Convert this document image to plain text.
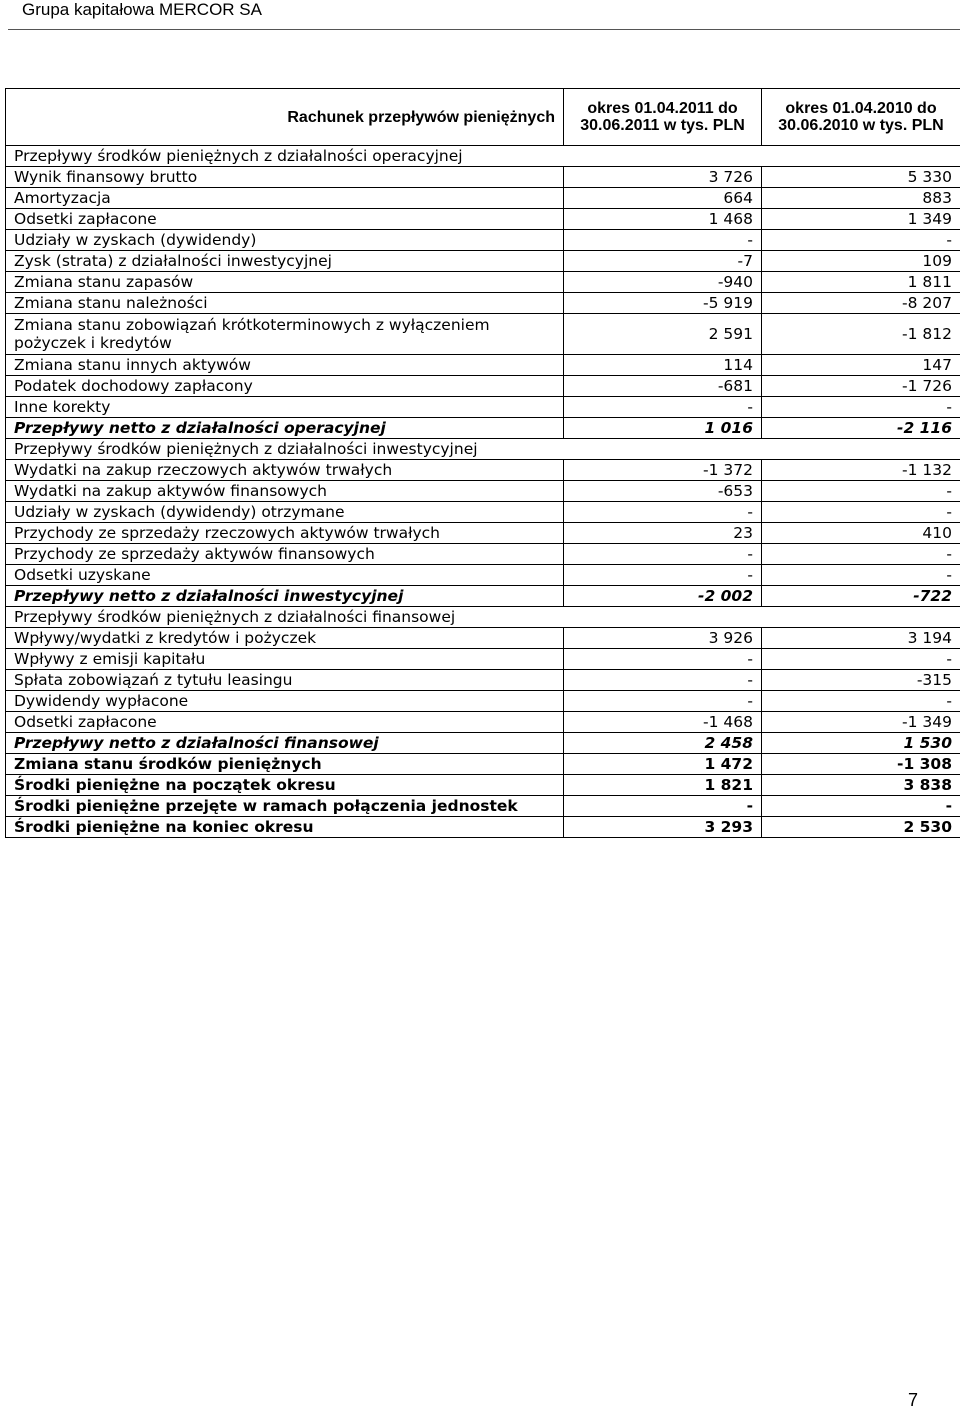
Grupa kapitałowa MERCOR SA
Rachunek przepływów pieniężnych	okres 01.04.2011 do 30.06.2011 w tys. PLN	okres 01.04.2010 do 30.06.2010 w tys. PLN
Przepływy środków pieniężnych z działalności operacyjnej		
Wynik finansowy brutto	3 726	5 330
Amortyzacja	664	883
Odsetki zapłacone	1 468	1 349
Udziały w zyskach (dywidendy)	-	-
Zysk (strata) z działalności inwestycyjnej	-7	109
Zmiana stanu zapasów	-940	1 811
Zmiana stanu należności	-5 919	-8 207
Zmiana stanu zobowiązań krótkoterminowych z wyłączeniem pożyczek i kredytów	2 591	-1 812
Zmiana stanu innych aktywów	114	147
Podatek dochodowy zapłacony	-681	-1 726
Inne korekty	-	-
Przepływy netto z działalności operacyjnej	1 016	-2 116
Przepływy środków pieniężnych z działalności inwestycyjnej		
Wydatki na zakup rzeczowych aktywów trwałych	-1 372	-1 132
Wydatki na zakup aktywów finansowych	-653	-
Udziały w zyskach (dywidendy) otrzymane	-	-
Przychody ze sprzedaży rzeczowych aktywów trwałych	23	410
Przychody ze sprzedaży aktywów finansowych	-	-
Odsetki uzyskane	-	-
Przepływy netto z działalności inwestycyjnej	-2 002	-722
Przepływy środków pieniężnych z działalności finansowej		
Wpływy/wydatki z kredytów i pożyczek	3 926	3 194
Wpływy z emisji kapitału	-	-
Spłata zobowiązań z tytułu leasingu	-	-315
Dywidendy wypłacone	-	-
Odsetki zapłacone	-1 468	-1 349
Przepływy netto z działalności finansowej	2 458	1 530
Zmiana stanu środków pieniężnych	1 472	-1 308
Środki pieniężne na początek okresu	1 821	3 838
Środki pieniężne przejęte w ramach połączenia jednostek	-	-
Środki pieniężne na koniec okresu	3 293	2 530
7
